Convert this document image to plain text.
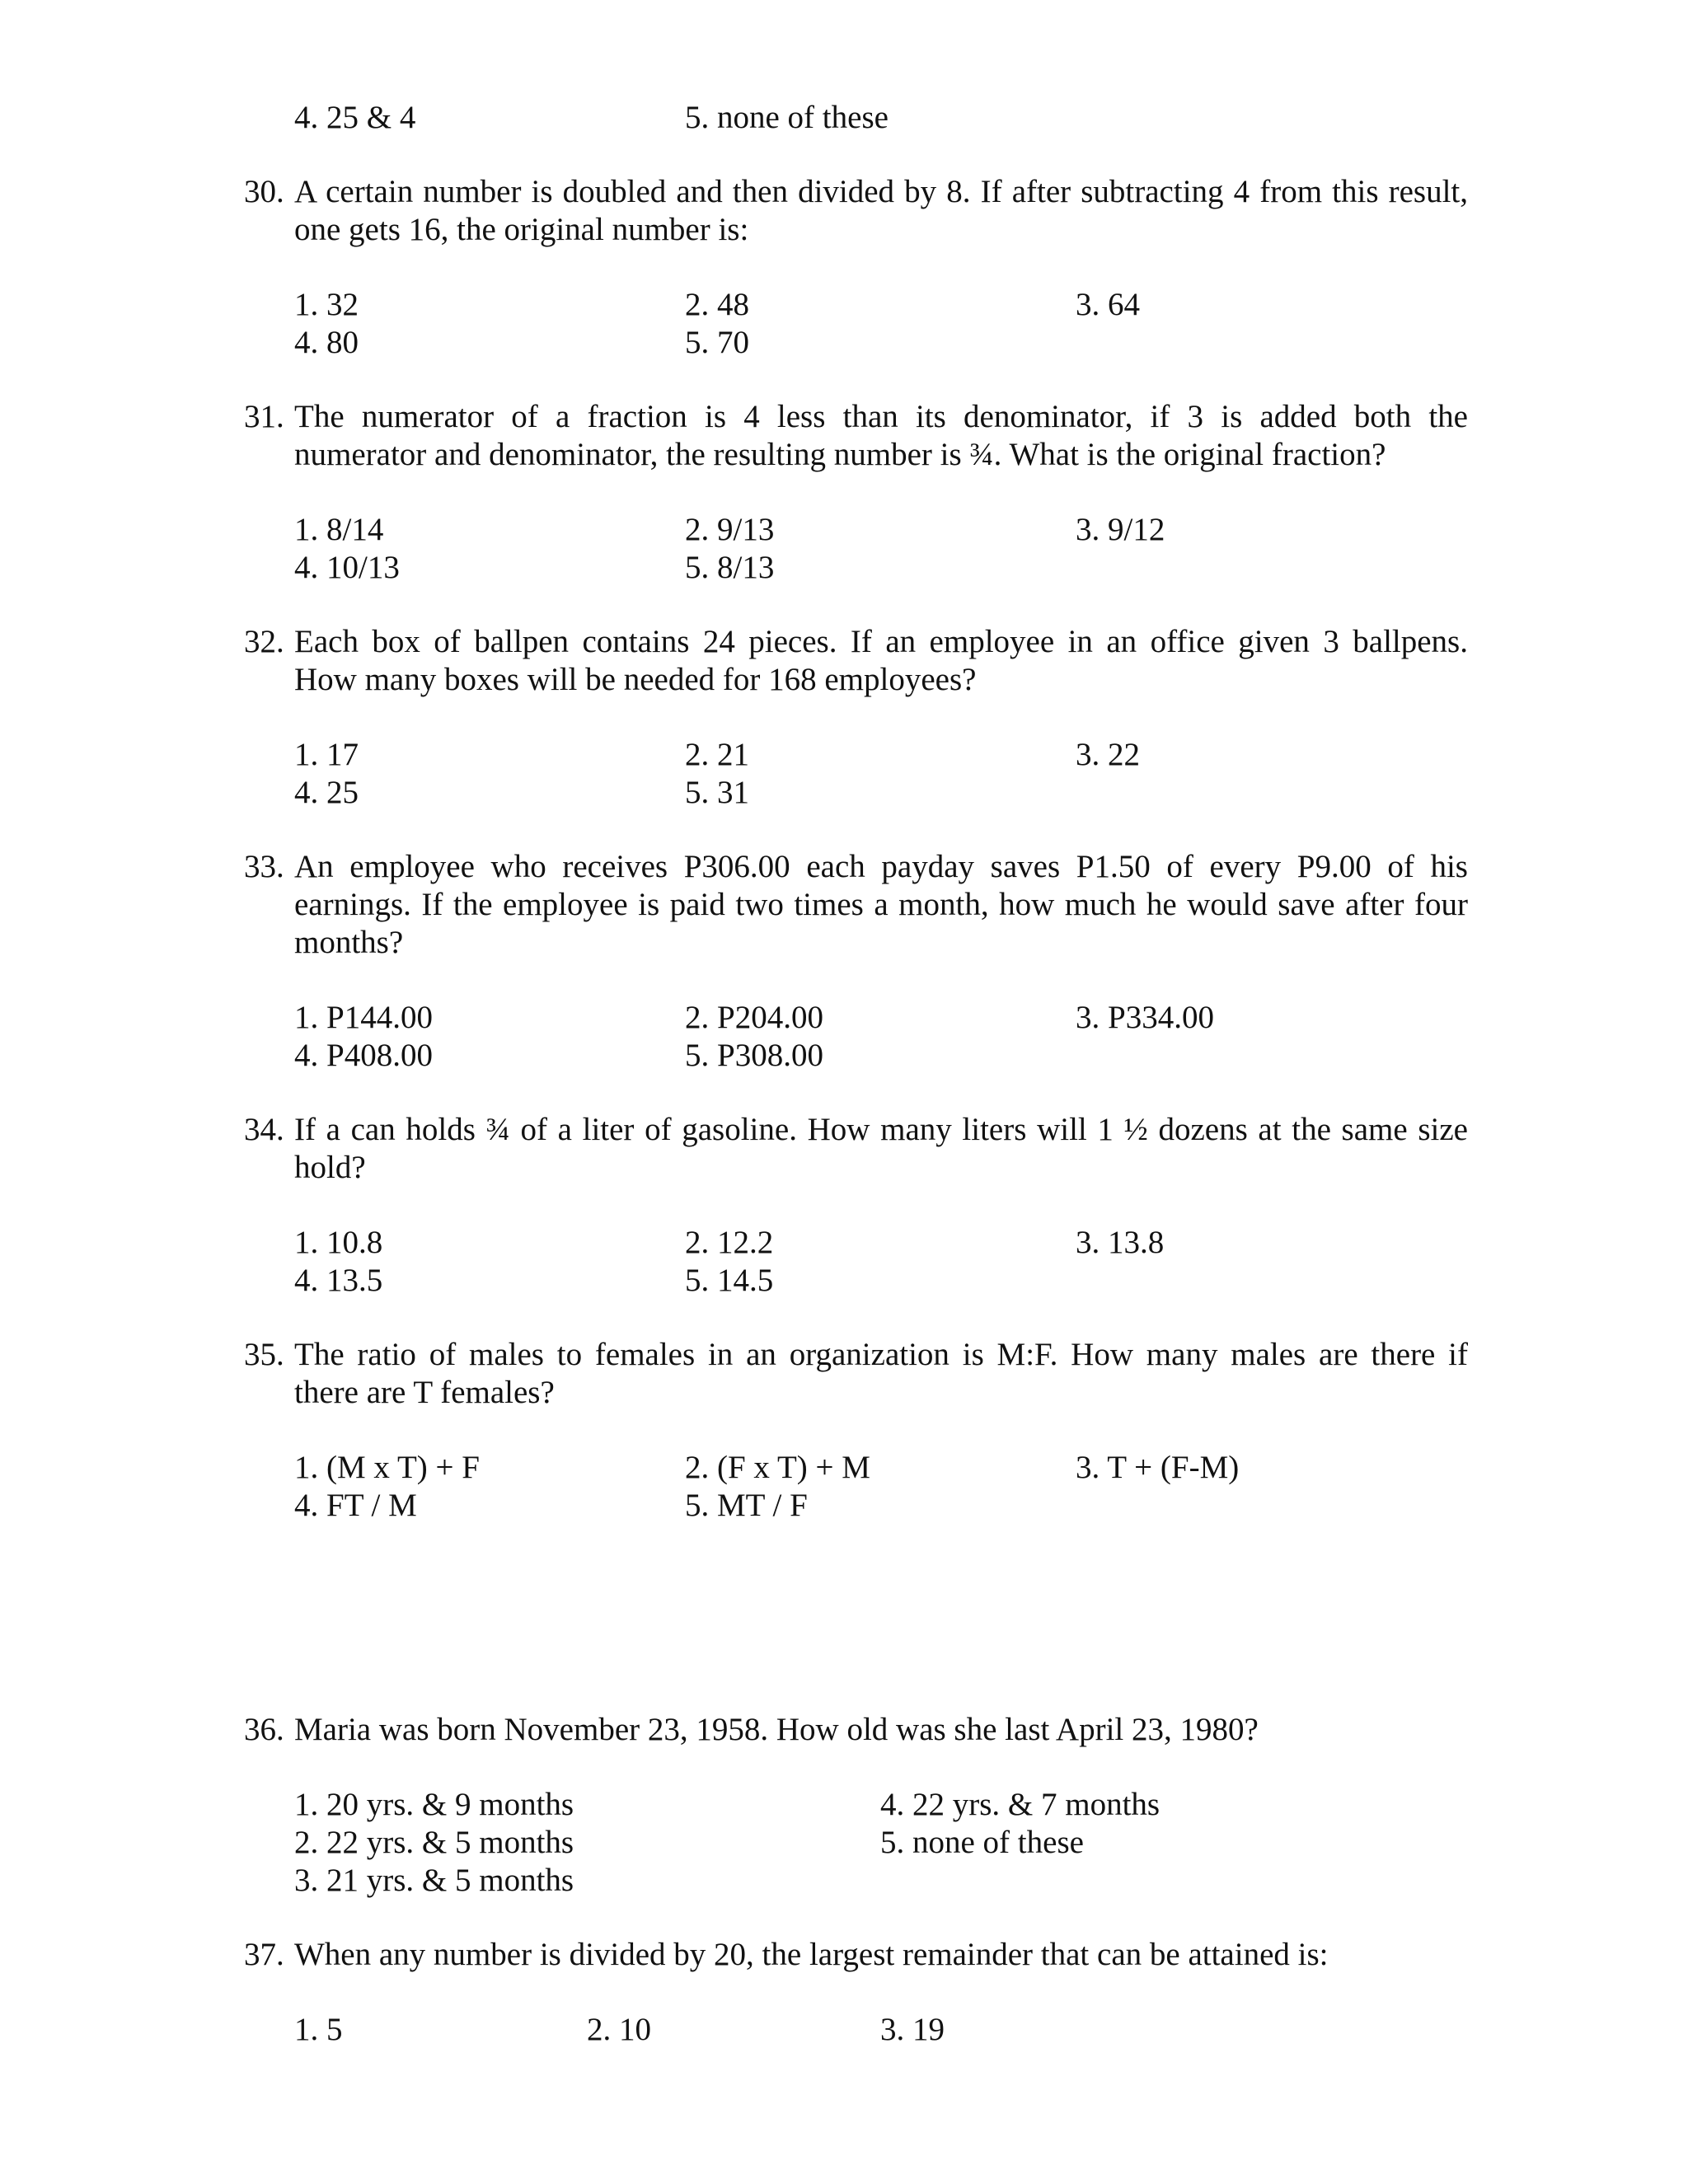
4. 25 & 4	5. none of these
30. A certain number is doubled and then divided by 8. If after subtracting 4 from this result,
one gets 16, the original number is:
1. 32	2. 48	3. 64
4. 80	5. 70
31. The numerator of a fraction is 4 less than its denominator, if 3 is added both the
numerator and denominator, the resulting number is ¾. What is the original fraction?
1. 8/14	2. 9/13	3. 9/12
4. 10/13	5. 8/13
32. Each box of ballpen contains 24 pieces. If an employee in an office given 3 ballpens.
How many boxes will be needed for 168 employees?
1. 17	2. 21	3. 22
4. 25	5. 31
33. An employee who receives P306.00 each payday saves P1.50 of every P9.00 of his
earnings. If the employee is paid two times a month, how much he would save after four
months?
1. P144.00	2. P204.00	3. P334.00
4. P408.00	5. P308.00
34. If a can holds ¾ of a liter of gasoline. How many liters will 1 ½ dozens at the same size
hold?
1. 10.8	2. 12.2	3. 13.8
4. 13.5	5. 14.5
35. The ratio of males to females in an organization is M:F. How many males are there if
there are T females?
1. (M x T) + F	2. (F x T) + M	3. T + (F-M)
4. FT / M	5. MT / F
36. Maria was born November 23, 1958. How old was she last April 23, 1980?
1. 20 yrs. & 9 months
2. 22 yrs. & 5 months
3. 21 yrs. & 5 months
4. 22 yrs. & 7 months
5. none of these
37. When any number is divided by 20, the largest remainder that can be attained is:
1. 5	2. 10	3. 19
